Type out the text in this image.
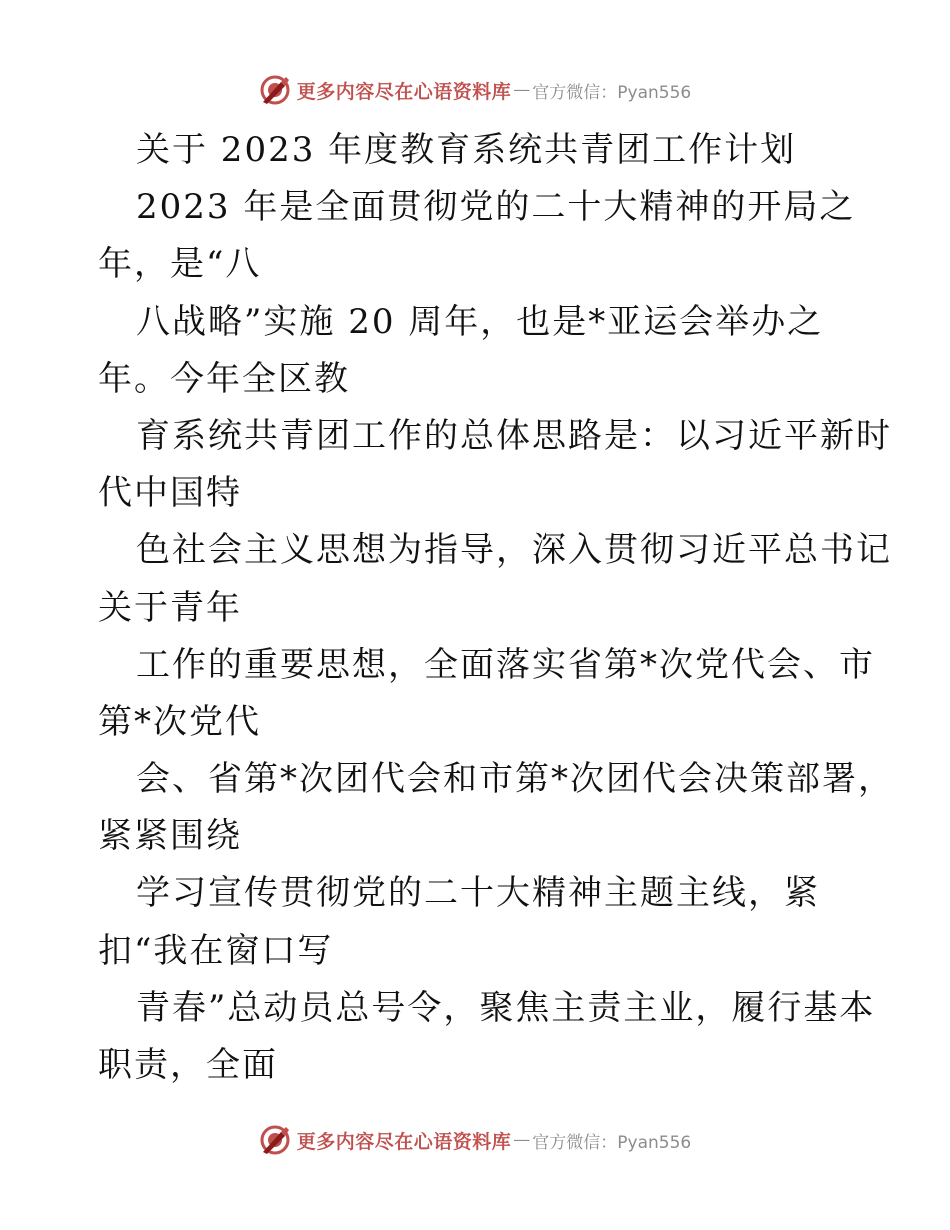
更多内容尽在心语资料库 — 官方微信：Pyan556
关于 2023 年度教育系统共青团工作计划
2023 年是全面贯彻党的二十大精神的开局之
年，是“八
八战略”实施 20 周年，也是*亚运会举办之
年。今年全区教
育系统共青团工作的总体思路是：以习近平新时
代中国特
色社会主义思想为指导，深入贯彻习近平总书记
关于青年
工作的重要思想，全面落实省第*次党代会、市
第*次党代
会、省第*次团代会和市第*次团代会决策部署，
紧紧围绕
学习宣传贯彻党的二十大精神主题主线，紧
扣“我在窗口写
青春”总动员总号令，聚焦主责主业，履行基本
职责，全面
更多内容尽在心语资料库 — 官方微信：Pyan556
